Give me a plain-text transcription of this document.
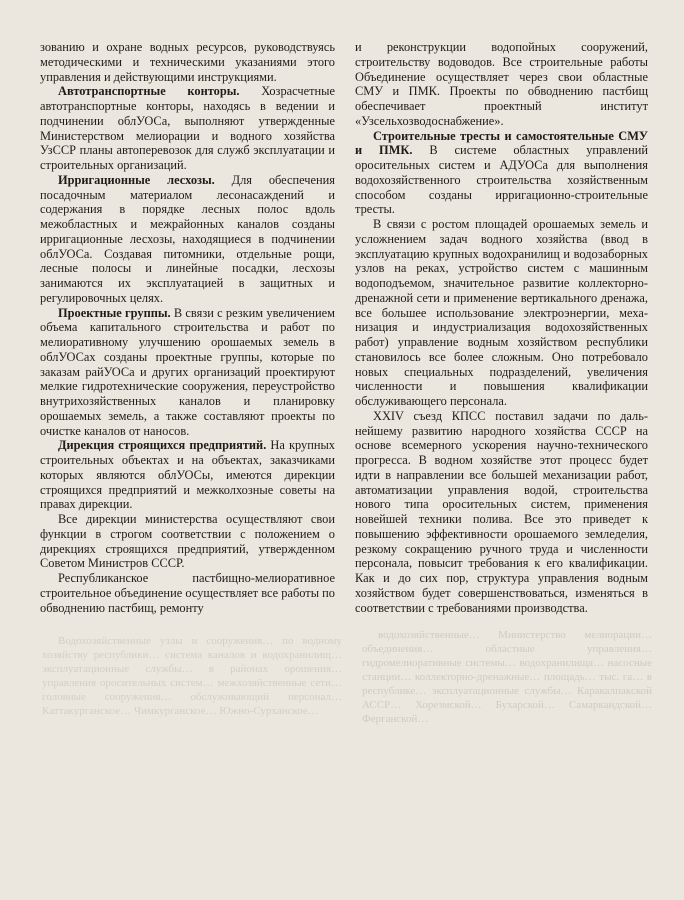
Водохозяйственные узлы и сооружения… по водному хозяйству республики… система каналов и водохранилищ… эксплуатационные службы… в районах орошения… управления оросительных систем… межхозяйственные сети… головные сооружения… обслуживающий персонал… Каттакурганское… Чимкурганское… Южно-Сурханское…

водохозяйственные… Министерство мелиорации… объединения… областные управления… гидромелиоративные системы… водохранилища… насосные станции… коллекторно-дренажные… площадь… тыс. га… в республике… эксплуатационные службы… Каракалпакской АССР… Хорезмской… Бухарской… Самаркандской… Ферганской…

зованию и охране водных ресурсов, руководствуясь методическими и техническими указаниями этого управления и действующими инструкциями.

Автотранспортные конторы. Хозрасчетные автотранспортные конторы, находясь в ведении и подчинении облУОСа, выполняют утвержденные Министерством мелиорации и водного хозяйства УзССР планы автоперевозок для служб эксплуатации и строительных организаций.

Ирригационные лесхозы. Для обеспечения посадочным материалом лесонасаждений и содержания в порядке лесных полос вдоль межобластных и межрайонных каналов созданы ирригационные лесхозы, находящиеся в подчинении облУОСа. Создавая питомники, отдельные рощи, лесные полосы и линейные посадки, лесхозы занимаются их эксплуатацией в защитных и регулировочных целях.

Проектные группы. В связи с резким увеличением объема капитального строительства и работ по мелиоративному улучшению орошаемых земель в облУОСах созданы проектные группы, которые по заказам райУОСа и других организаций проектируют мелкие гидротехнические сооружения, переустройство внутрихозяйственных каналов и планировку орошаемых земель, а также составляют проекты по очистке каналов от наносов.

Дирекция строящихся предприятий. На крупных строительных объектах и на объектах, заказчиками которых являются облУОСы, имеются дирекции строящихся предприятий и межколхозные советы на правах дирекции.

Все дирекции министерства осуществляют свои функции в строгом соответствии с положением о дирекциях строящихся предприятий, утвержденном Советом Министров СССР.

Республиканское пастбищно-мелиоративное строительное объединение осуществляет все работы по обводнению пастбищ, ремонту

и реконструкции водопойных сооружений, строительству водоводов. Все строительные работы Объединение осуществляет через свои областные СМУ и ПМК. Проекты по обводнению пастбищ обеспечивает проектный институт «Узсельхозводоснабжение».

Строительные тресты и самостоятельные СМУ и ПМК. В системе областных управлений оросительных систем и АДУОСа для выполнения водохозяйственного строительства хозяйственным способом созданы ирригационно-строительные тресты.

В связи с ростом площадей орошаемых земель и усложнением задач водного хозяйства (ввод в эксплуатацию крупных водохранилищ и водозаборных узлов на реках, устройство систем с машинным водоподъемом, значительное развитие коллекторно-дренажной сети и применение вертикального дренажа, все большее использование электроэнергии, механизация и индустриализация водохозяйственных работ) управление водным хозяйством республики становилось все более сложным. Оно потребовало новых специальных подразделений, увеличения численности и повышения квалификации обслуживающего персонала.

XXIV съезд КПСС поставил задачи по дальнейшему развитию народного хозяйства СССР на основе всемерного ускорения научно-технического прогресса. В водном хозяйстве этот процесс будет идти в направлении все большей механизации работ, автоматизации управления водой, строительства нового типа оросительных систем, применения новейшей техники полива. Все это приведет к повышению эффективности орошаемого земледелия, резкому сокращению ручного труда и численности персонала, повысит требования к его квалификации. Как и до сих пор, структура управления водным хозяйством будет совершенствоваться, изменяться в соответствии с требованиями производства.
